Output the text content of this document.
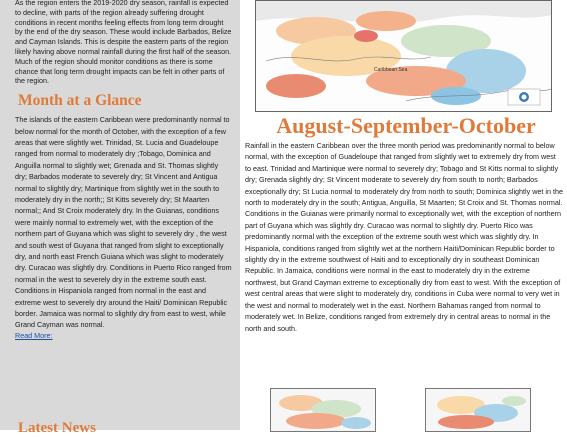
As the region enters the 2019-2020 dry season, rainfall is expected to decline, with parts of the region already suffering drought conditions in recent months feeling effects from long term drought by the end of the dry season. These would include Barbados, Belize and Cayman Islands. This is despite the eastern parts of the region likely having above normal rainfall during the first half of the season. Much of the region should monitor conditions as there is some chance that long term drought impacts can be felt in other parts of the region.

Month at a Glance
The islands of the eastern Caribbean were predominantly normal to below normal for the month of October, with the exception of a few areas that were slightly wet. Trinidad, St. Lucia and Guadeloupe ranged from normal to moderately dry ;Tobago, Dominica and Anguilla normal to slightly wet; Grenada and St. Thomas slightly dry; Barbados moderate to severely dry; St Vincent and Antigua normal to slightly dry; Martinique from slightly wet in the south to moderately dry in the north;; St Kitts severely dry; St Maarten normal;; And St Croix moderately dry. In the Guianas, conditions were mainly normal to extremely wet, with the exception of the northern part of Guyana which was slight to severely dry , the west and south west of Guyana that ranged from slight to exceptionally dry, and north east French Guiana which was slight to moderately dry. Curacao was slightly dry. Conditions in Puerto Rico ranged from normal in the west to severely dry in the extreme south east. Conditions in Hispaniola ranged from normal in the east and extreme west to severely dry around the Haiti/ Dominican Republic border. Jamaica was normal to slightly dry from east to west, while Grand Cayman was normal.
Read More:
Latest News
Caribbean Sea
August-September-October
Rainfall in the eastern Caribbean over the three month period was predominantly normal to below normal, with the exception of Guadeloupe that ranged from slightly wet to extremely dry from west to east. Trinidad and Martinique were normal to severely dry; Tobago and St Kitts normal to slightly dry; Grenada slightly dry; St Vincent moderate to severely dry from south to north; Barbados exceptionally dry; St Lucia normal to moderately dry from north to south; Dominica slightly wet in the north to moderately dry in the south; Antigua, Anguilla, St Maarten; St Croix and St. Thomas normal. Conditions in the Guianas were primarily normal to exceptionally wet, with the exception of northern part of Guyana which was slightly dry. Curacao was normal to slightly dry. Puerto Rico was predominantly normal with the exception of the extreme south west which was slightly dry. In Hispaniola, conditions ranged from slightly wet at the northern Haiti/Dominican Republic border to slightly dry in the extreme southwest of Haiti and to exceptionally dry in southeast Dominican Republic. In Jamaica, conditions were normal in the east to moderately dry in the extreme northwest, but Grand Cayman extreme to exceptionally dry from east to west. With the exception of west central areas that were slight to moderately dry, conditions in Cuba were normal to very wet in the west and normal to moderately wet in the east. Northern Bahamas ranged from normal to moderately wet. In Belize, conditions ranged from extremely dry in central areas to normal in the north and south.
